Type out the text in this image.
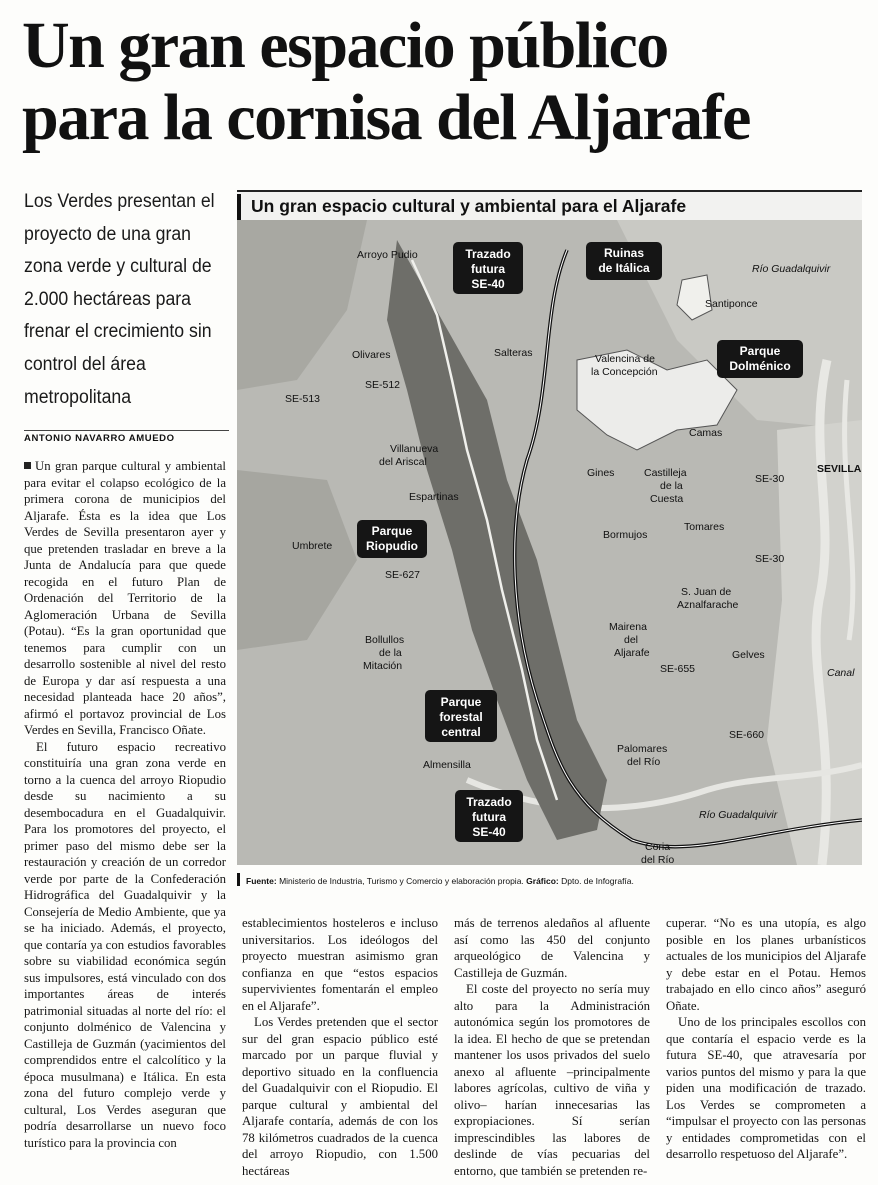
Un gran espacio público
para la cornisa del Aljarafe
Los Verdes presentan el proyecto de una gran zona verde y cultural de 2.000 hectáreas para frenar el crecimiento sin control del área metropolitana
ANTONIO NAVARRO AMUEDO

Un gran parque cultural y ambiental para evitar el colapso ecológico de la primera corona de municipios del Aljarafe. Ésta es la idea que Los Verdes de Sevilla presentaron ayer y que pretenden trasladar en breve a la Junta de Andalucía para que quede recogida en el futuro Plan de Ordenación del Territorio de la Aglomeración Urbana de Sevilla (Potau). “Es la gran oportunidad que tenemos para cumplir con un desarrollo sostenible al nivel del resto de Europa y dar así respuesta a una necesidad planteada hace 20 años”, afirmó el portavoz provincial de Los Verdes en Sevilla, Francisco Oñate.

El futuro espacio recreativo constituiría una gran zona verde en torno a la cuenca del arroyo Riopudio desde su nacimiento a su desembocadura en el Guadalquivir. Para los promotores del proyecto, el primer paso del mismo debe ser la restauración y creación de un corredor verde por parte de la Confederación Hidrográfica del Guadalquivir y la Consejería de Medio Ambiente, que ya se ha iniciado. Además, el proyecto, que contaría ya con estudios favorables sobre su viabilidad económica según sus impulsores, está vinculado con dos importantes áreas de interés patrimonial situadas al norte del río: el conjunto dolménico de Valencina y Castilleja de Guzmán (yacimientos del comprendidos entre el calcolítico y la época musulmana) e Itálica. En esta zona del futuro complejo verde y cultural, Los Verdes aseguran que podría desarrollarse un nuevo foco turístico para la provincia con

Un gran espacio cultural y ambiental para el Aljarafe
Trazado
futura
SE-40
Ruinas
de Itálica
Parque
Dolménico
Parque
Riopudio
Parque
forestal
central
Trazado
futura
SE-40
Arroyo Pudio
Olivares	Salteras
SE-512
SE-513
Valencina de
la Concepción
Santiponce
Río Guadalquivir
Camas
Villanueva
del Ariscal
Espartinas
Gines	Castilleja
de la
Cuesta
SE-30
SEVILLA
Umbrete
Bormujos
Tomares
SE-30
SE-627
S. Juan de
Aznalfarache
Bollullos
de la
Mitación
Mairena
del
Aljarafe
SE-655
Gelves
Canal
SE-660
Almensilla
Palomares
del Río
Río Guadalquivir
Coria
del Río
Fuente: Ministerio de Industria, Turismo y Comercio y elaboración propia. Gráfico: Dpto. de Infografía.

establecimientos hosteleros e incluso universitarios. Los ideólogos del proyecto muestran asimismo gran confianza en que “estos espacios supervivientes fomentarán el empleo en el Aljarafe”.

Los Verdes pretenden que el sector sur del gran espacio público esté marcado por un parque fluvial y deportivo situado en la confluencia del Guadalquivir con el Riopudio. El parque cultural y ambiental del Aljarafe contaría, además de con los 78 kilómetros cuadrados de la cuenca del arroyo Riopudio, con 1.500 hectáreas

más de terrenos aledaños al afluente así como las 450 del conjunto arqueológico de Valencina y Castilleja de Guzmán.

El coste del proyecto no sería muy alto para la Administración autonómica según los promotores de la idea. El hecho de que se pretendan mantener los usos privados del suelo anexo al afluente –principalmente labores agrícolas, cultivo de viña y olivo– harían innecesarias las expropiaciones. Sí serían imprescindibles las labores de deslinde de vías pecuarias del entorno, que también se pretenden re-

cuperar. “No es una utopía, es algo posible en los planes urbanísticos actuales de los municipios del Aljarafe y debe estar en el Potau. Hemos trabajado en ello cinco años” aseguró Oñate.

Uno de los principales escollos con que contaría el espacio verde es la futura SE-40, que atravesaría por varios puntos del mismo y para la que piden una modificación de trazado. Los Verdes se comprometen a “impulsar el proyecto con las personas y entidades comprometidas con el desarrollo respetuoso del Aljarafe”.
